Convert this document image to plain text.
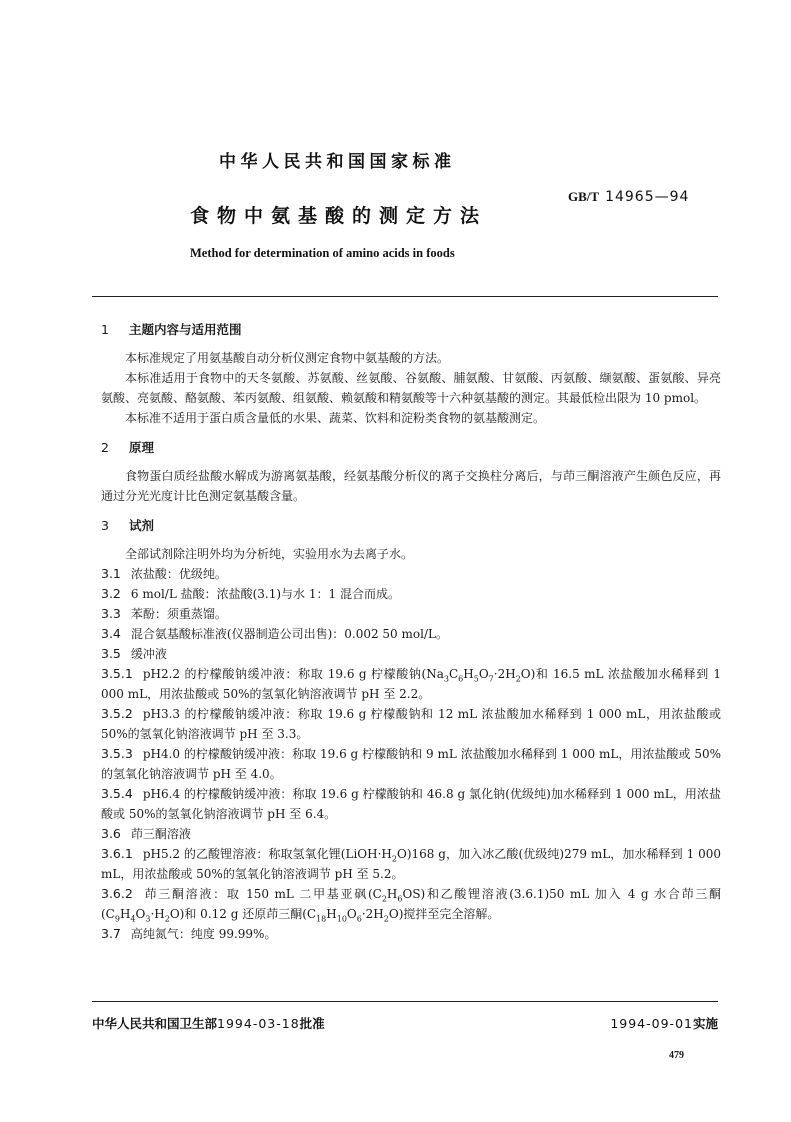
中华人民共和国国家标准
GB/T 14965—94
食物中氨基酸的测定方法
Method for determination of amino acids in foods
1	主题内容与适用范围

本标准规定了用氨基酸自动分析仪测定食物中氨基酸的方法。

本标准适用于食物中的天冬氨酸、苏氨酸、丝氨酸、谷氨酸、脯氨酸、甘氨酸、丙氨酸、缬氨酸、蛋氨酸、异亮氨酸、亮氨酸、酪氨酸、苯丙氨酸、组氨酸、赖氨酸和精氨酸等十六种氨基酸的测定。其最低检出限为 10 pmol。

本标准不适用于蛋白质含量低的水果、蔬菜、饮料和淀粉类食物的氨基酸测定。

2	原理

食物蛋白质经盐酸水解成为游离氨基酸，经氨基酸分析仪的离子交换柱分离后，与茚三酮溶液产生颜色反应，再通过分光光度计比色测定氨基酸含量。

3	试剂

全部试剂除注明外均为分析纯，实验用水为去离子水。

3.1 浓盐酸：优级纯。

3.2 6 mol/L 盐酸：浓盐酸(3.1)与水 1：1 混合而成。

3.3 苯酚：须重蒸馏。

3.4 混合氨基酸标准液(仪器制造公司出售)：0.002 50 mol/L。

3.5 缓冲液

3.5.1 pH2.2 的柠檬酸钠缓冲液：称取 19.6 g 柠檬酸钠$(Na_3C_6H_5O_7\cdot 2H_2O)$和 16.5 mL 浓盐酸加水稀释到 1 000 mL，用浓盐酸或 50%的氢氧化钠溶液调节 pH 至 2.2。

3.5.2 pH3.3 的柠檬酸钠缓冲液：称取 19.6 g 柠檬酸钠和 12 mL 浓盐酸加水稀释到 1 000 mL，用浓盐酸或 50%的氢氧化钠溶液调节 pH 至 3.3。

3.5.3 pH4.0 的柠檬酸钠缓冲液：称取 19.6 g 柠檬酸钠和 9 mL 浓盐酸加水稀释到 1 000 mL，用浓盐酸或 50%的氢氧化钠溶液调节 pH 至 4.0。

3.5.4 pH6.4 的柠檬酸钠缓冲液：称取 19.6 g 柠檬酸钠和 46.8 g 氯化钠(优级纯)加水稀释到 1 000 mL，用浓盐酸或 50%的氢氧化钠溶液调节 pH 至 6.4。

3.6 茚三酮溶液

3.6.1 pH5.2 的乙酸锂溶液：称取氢氧化锂$(LiOH\cdot H_2O)168$ g，加入冰乙酸(优级纯)279 mL，加水稀释到 1 000 mL，用浓盐酸或 50%的氢氧化钠溶液调节 pH 至 5.2。

3.6.2 茚三酮溶液：取 150 mL 二甲基亚砜$(C_2H_6OS)$和乙酸锂溶液(3.6.1)50 mL 加入 4 g 水合茚三酮$(C_9H_4O_3\cdot H_2O)$和 0.12 g 还原茚三酮$(C_{18}H_{10}O_6\cdot 2H_2O)$搅拌至完全溶解。

3.7 高纯氮气：纯度 99.99%。

中华人民共和国卫生部1994-03-18批准	1994-09-01实施
479
